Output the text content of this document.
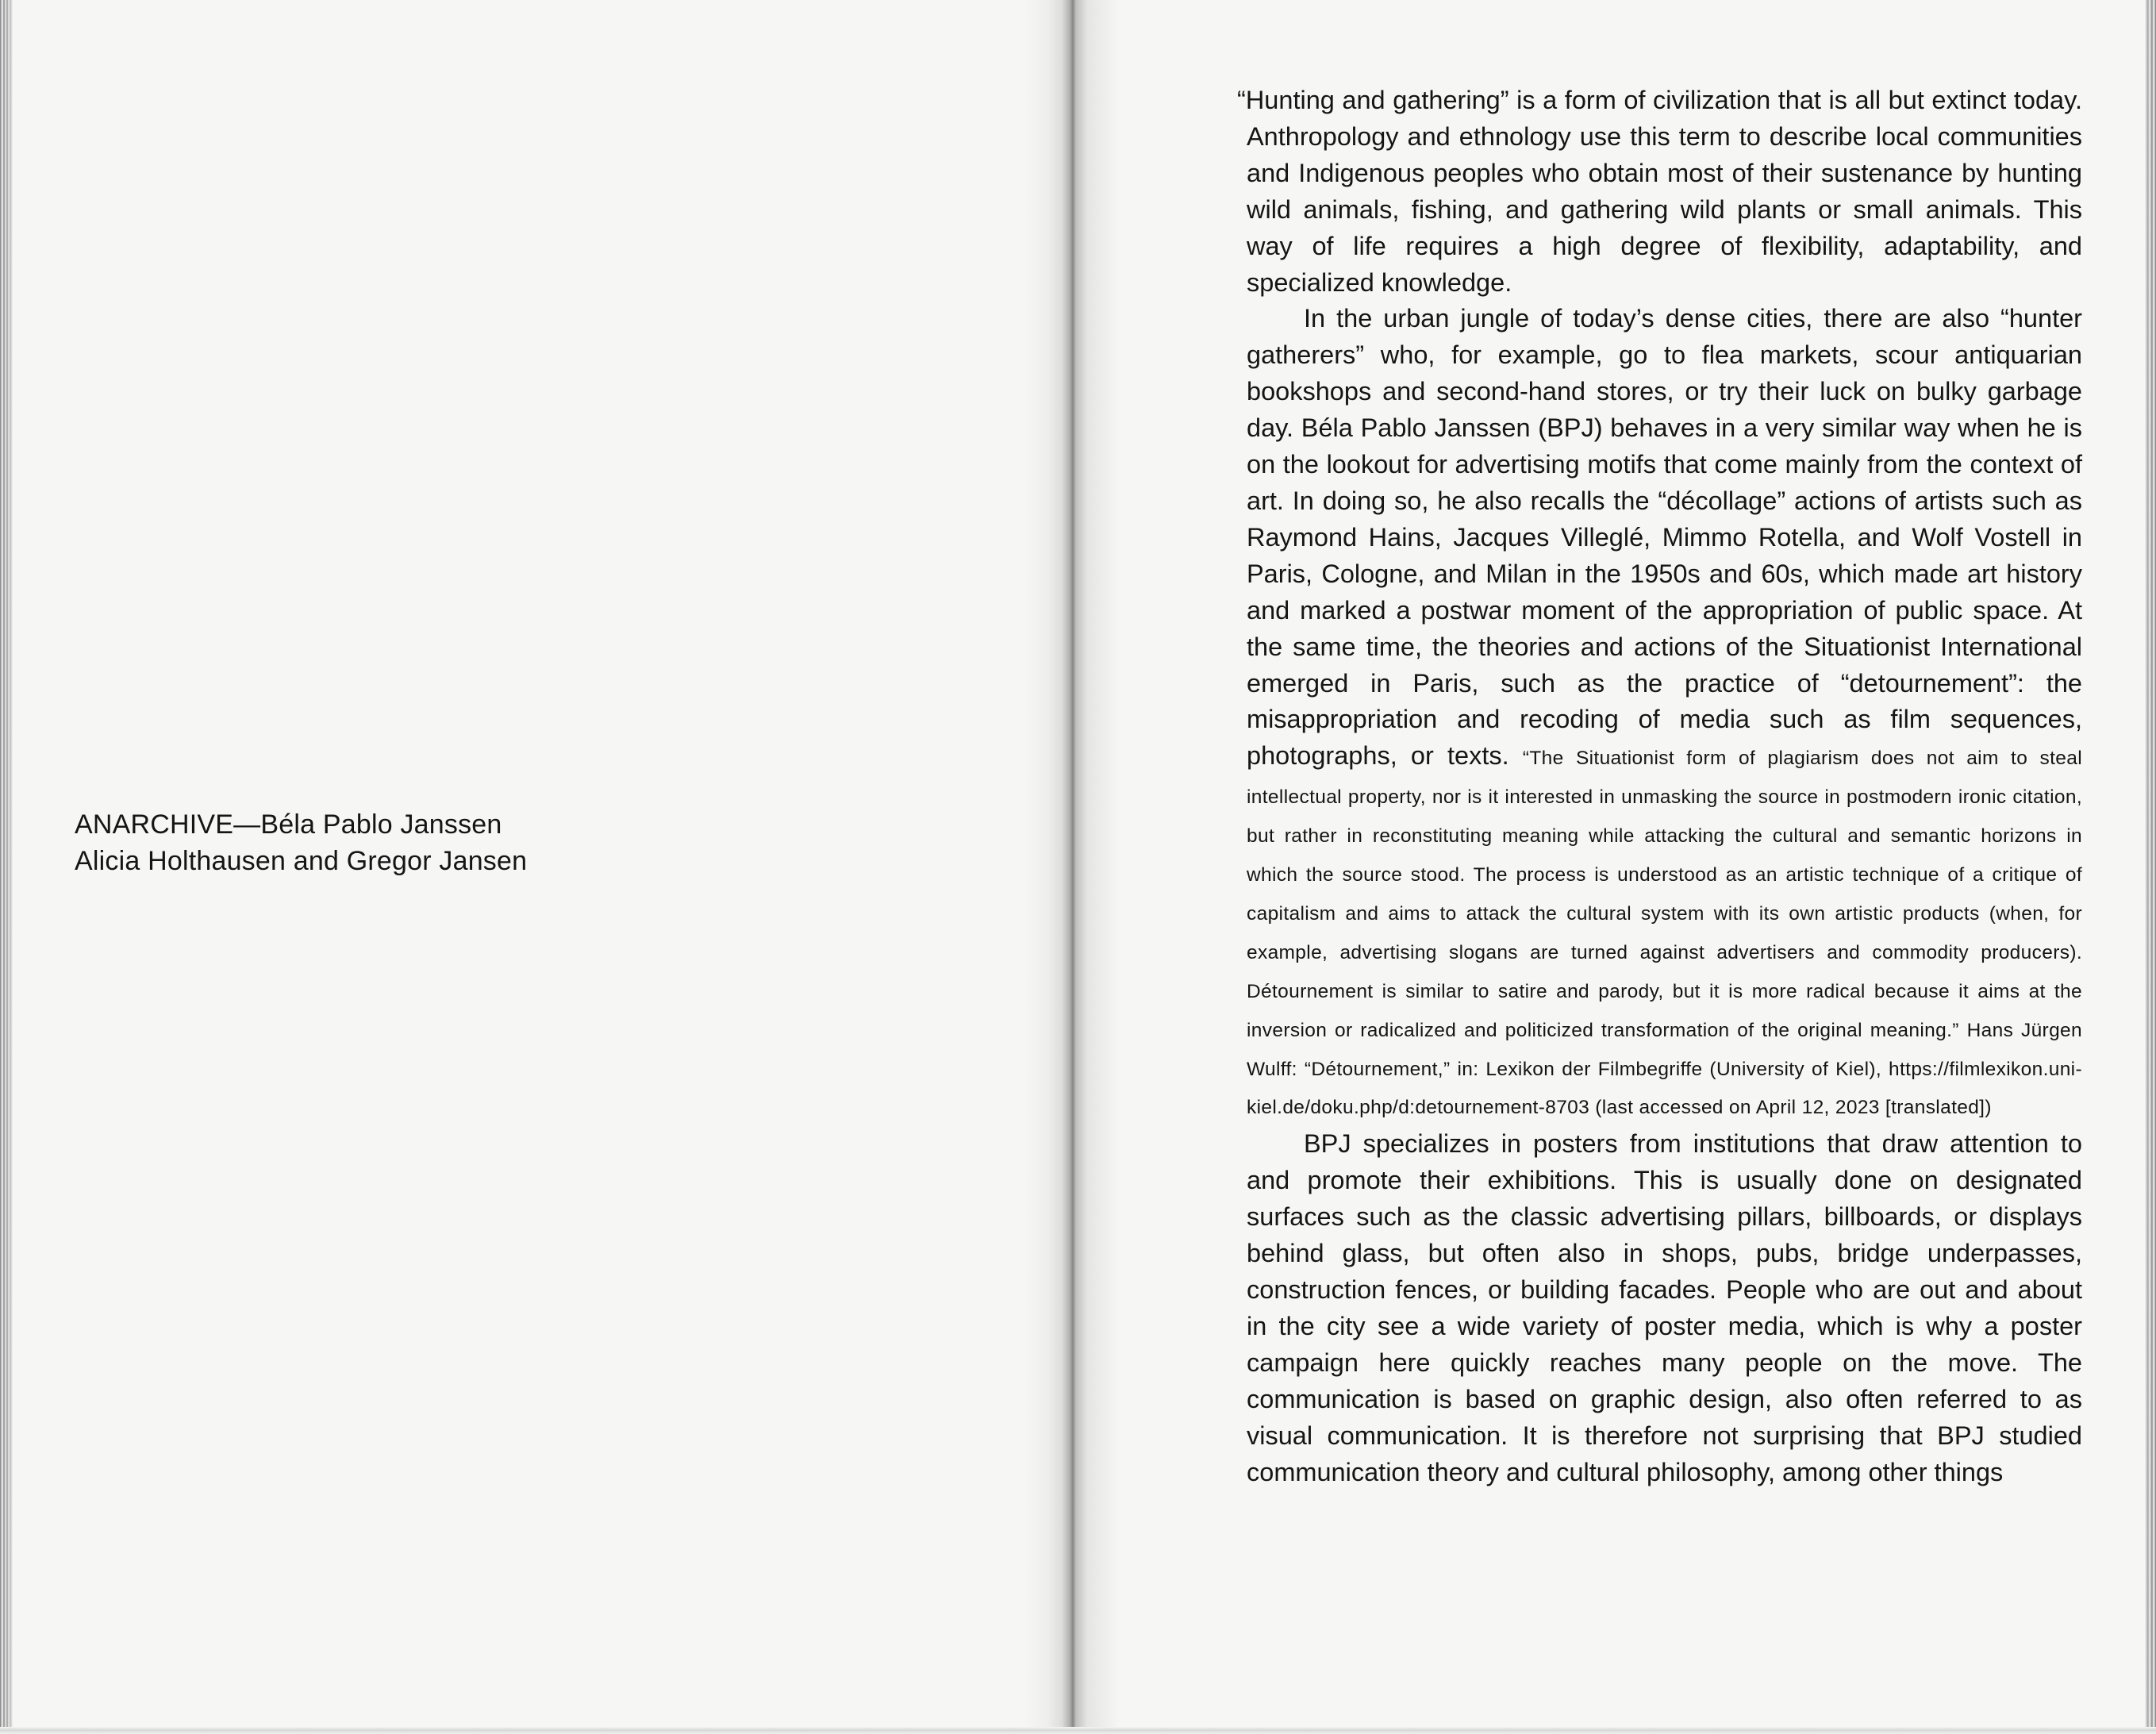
ANARCHIVE—Béla Pablo Janssen
Alicia Holthausen and Gregor Jansen

“Hunting and gathering” is a form of civilization that is all but extinct today. Anthropology and ethnology use this term to describe local communities and Indigenous peoples who obtain most of their sustenance by hunting wild animals, fishing, and gathering wild plants or small animals. This way of life requires a high degree of flexibility, adaptability, and specialized knowledge.

In the urban jungle of today’s dense cities, there are also “hunter gatherers” who, for example, go to flea markets, scour antiquarian bookshops and second-hand stores, or try their luck on bulky garbage day. Béla Pablo Janssen (BPJ) behaves in a very similar way when he is on the lookout for advertising motifs that come mainly from the context of art. In doing so, he also recalls the “décollage” actions of artists such as Raymond Hains, Jacques Villeglé, Mimmo Rotella, and Wolf Vostell in Paris, Cologne, and Milan in the 1950s and 60s, which made art history and marked a postwar moment of the appropriation of public space. At the same time, the theories and actions of the Situationist International emerged in Paris, such as the practice of “detournement”: the misappropriation and recoding of media such as film sequences, photographs, or texts. “The Situationist form of plagiarism does not aim to steal intellectual property, nor is it interested in unmasking the source in postmodern ironic citation, but rather in reconstituting meaning while attacking the cultural and semantic horizons in which the source stood. The process is understood as an artistic technique of a critique of capitalism and aims to attack the cultural system with its own artistic products (when, for example, advertising slogans are turned against advertisers and commodity producers). Détournement is similar to satire and parody, but it is more radical because it aims at the inversion or radicalized and politicized transformation of the original meaning.” Hans Jürgen Wulff: “Détournement,” in: Lexikon der Filmbegriffe (University of Kiel), https://filmlexikon.uni-kiel.de/doku.php/d:detournement-8703 (last accessed on April 12, 2023 [translated])

BPJ specializes in posters from institutions that draw attention to and promote their exhibitions. This is usually done on designated surfaces such as the classic advertising pillars, billboards, or displays behind glass, but often also in shops, pubs, bridge underpasses, construction fences, or building facades. People who are out and about in the city see a wide variety of poster media, which is why a poster campaign here quickly reaches many people on the move. The communication is based on graphic design, also often referred to as visual communication. It is therefore not surprising that BPJ studied communication theory and cultural philosophy, among other things
